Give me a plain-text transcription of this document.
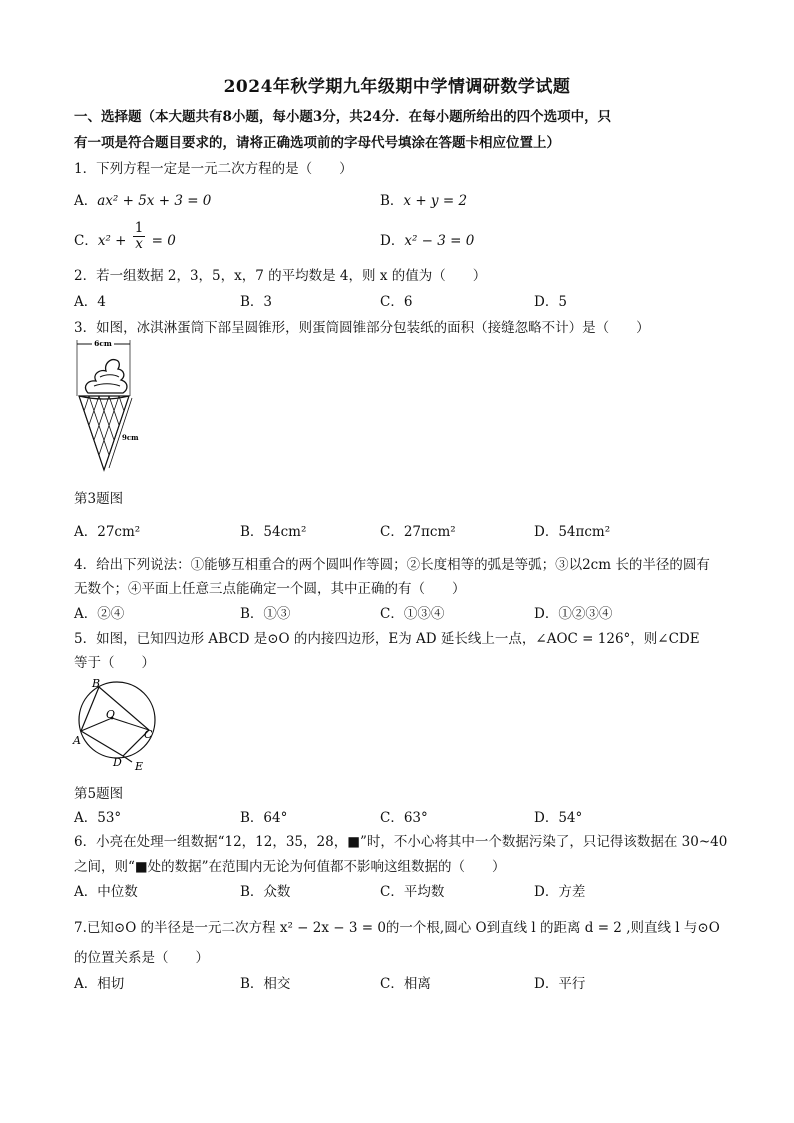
2024年秋学期九年级期中学情调研数学试题
一、选择题（本大题共有8小题，每小题3分，共24分．在每小题所给出的四个选项中，只
有一项是符合题目要求的，请将正确选项前的字母代号填涂在答题卡相应位置上）
1．下列方程一定是一元二次方程的是（　　）
A．ax² + 5x + 3 = 0	B．x + y = 2
C．$x^2 + \frac{1}{x} = 0$	D．x² − 3 = 0
2．若一组数据 2，3，5，x，7 的平均数是 4，则 x 的值为（　　）
A．4	B．3	C．6	D．5
3．如图，冰淇淋蛋筒下部呈圆锥形，则蛋筒圆锥部分包装纸的面积（接缝忽略不计）是（　　）
6cm
9cm
第3题图
A．27cm²	B．54cm²	C．27πcm²	D．54πcm²
4．给出下列说法：①能够互相重合的两个圆叫作等圆；②长度相等的弧是等弧；③以2cm 长的半径的圆有
无数个；④平面上任意三点能确定一个圆，其中正确的有（　　）
A．②④	B．①③	C．①③④	D．①②③④
5．如图，已知四边形 ABCD 是⊙O 的内接四边形，E为 AD 延长线上一点，∠AOC = 126°，则∠CDE
等于（　　）
B
O
A	C
D E
第5题图
A．53°	B．64°	C．63°	D．54°
6．小亮在处理一组数据“12，12，35，28，■”时，不小心将其中一个数据污染了，只记得该数据在 30~40
之间，则“■处的数据”在范围内无论为何值都不影响这组数据的（　　）
A．中位数	B．众数	C．平均数	D．方差
7.已知⊙O 的半径是一元二次方程 x² − 2x − 3 = 0的一个根,圆心 O到直线 l 的距离 d = 2 ,则直线 l 与⊙O
的位置关系是（　　）
A．相切	B．相交	C．相离	D．平行
